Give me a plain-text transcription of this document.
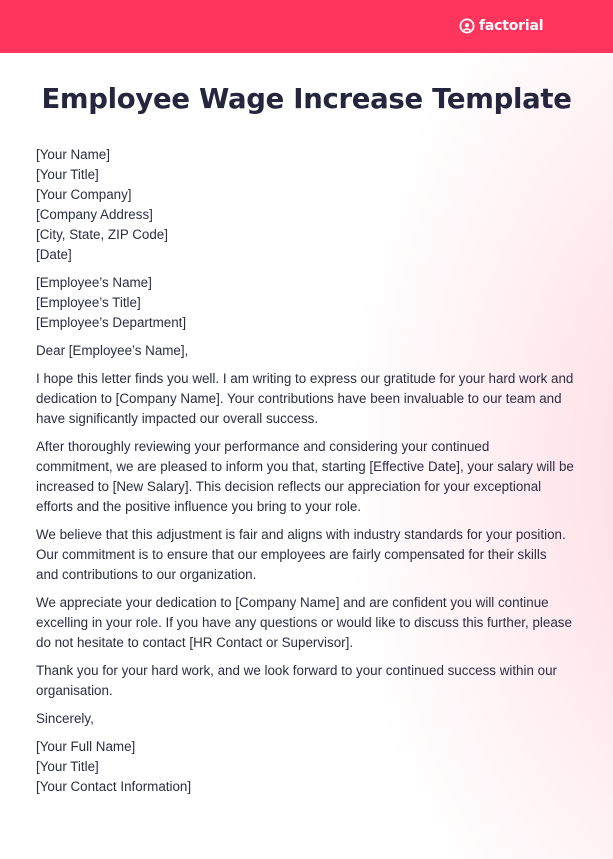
factorial
Employee Wage Increase Template
[Your Name]
[Your Title]
[Your Company]
[Company Address]
[City, State, ZIP Code]
[Date]
[Employee’s Name]
[Employee’s Title]
[Employee’s Department]
Dear [Employee’s Name],
I hope this letter finds you well. I am writing to express our gratitude for your hard work and
dedication to [Company Name]. Your contributions have been invaluable to our team and
have significantly impacted our overall success.
After thoroughly reviewing your performance and considering your continued
commitment, we are pleased to inform you that, starting [Effective Date], your salary will be
increased to [New Salary]. This decision reflects our appreciation for your exceptional
efforts and the positive influence you bring to your role.
We believe that this adjustment is fair and aligns with industry standards for your position.
Our commitment is to ensure that our employees are fairly compensated for their skills
and contributions to our organization.
We appreciate your dedication to [Company Name] and are confident you will continue
excelling in your role. If you have any questions or would like to discuss this further, please
do not hesitate to contact [HR Contact or Supervisor].
Thank you for your hard work, and we look forward to your continued success within our
organisation.
Sincerely,
[Your Full Name]
[Your Title]
[Your Contact Information]
